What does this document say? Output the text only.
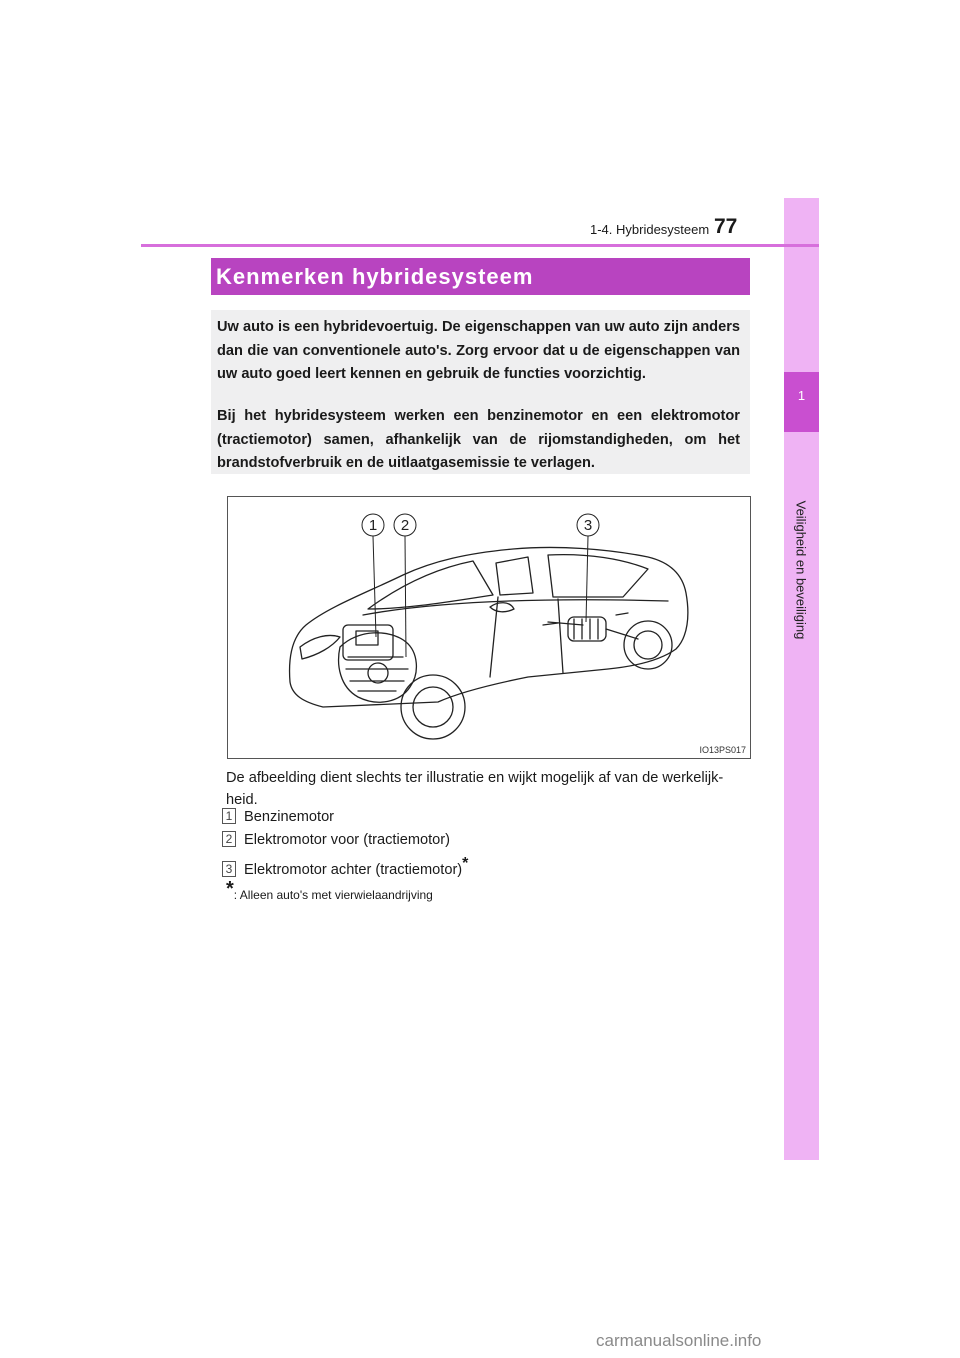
1
Veiligheid en beveiliging
1-4. Hybridesysteem 77
Kenmerken hybridesysteem

Uw auto is een hybridevoertuig. De eigenschappen van uw auto zijn anders dan die van conventionele auto's. Zorg ervoor dat u de eigenschappen van uw auto goed leert kennen en gebruik de functies voorzichtig.

Bij het hybridesysteem werken een benzinemotor en een elektromotor (tractiemotor) samen, afhankelijk van de rijomstandigheden, om het brandstofverbruik en de uitlaatgasemissie te verlagen.

1 2	3
IO13PS017
De afbeelding dient slechts ter illustratie en wijkt mogelijk af van de werkelijk- heid.
1 Benzinemotor
2 Elektromotor voor (tractiemotor)
3 Elektromotor achter (tractiemotor)*
*: Alleen auto's met vierwielaandrijving
carmanualsonline.info
